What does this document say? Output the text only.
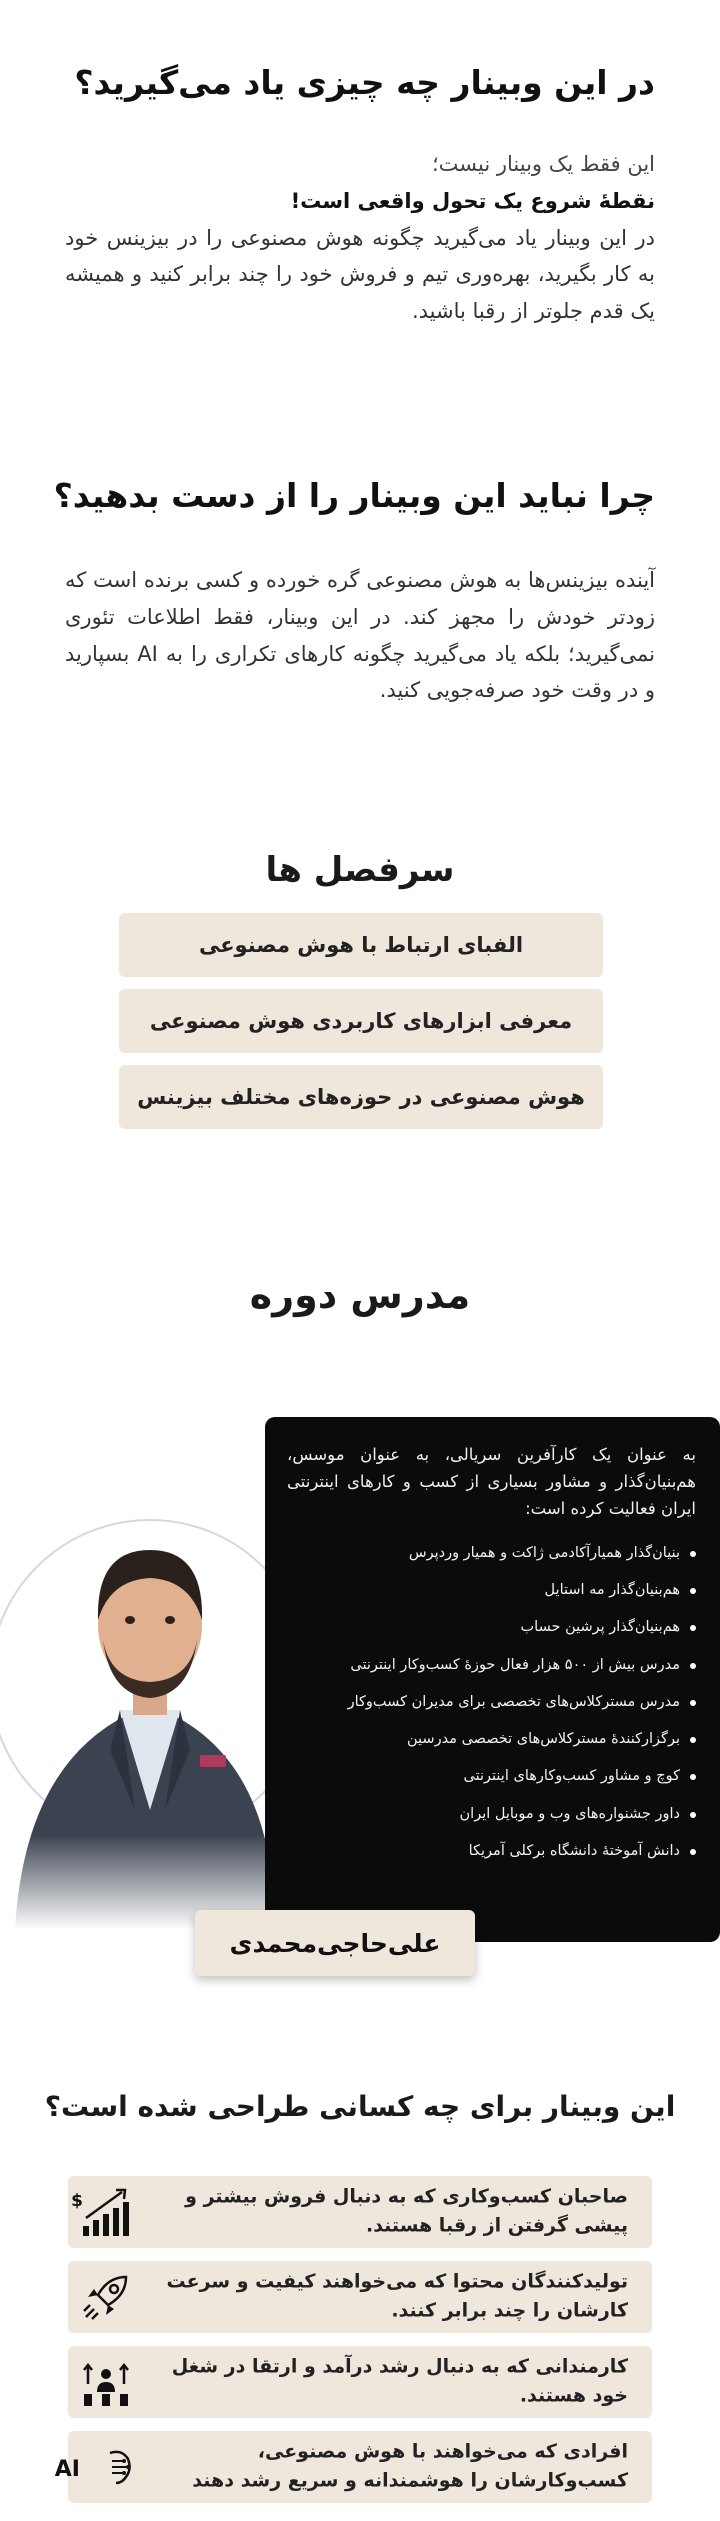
در این وبینار چه چیزی یاد می‌گیرید؟

این فقط یک وبینار نیست؛

نقطهٔ شروع یک تحول واقعی است!

در این وبینار یاد می‌گیرید چگونه هوش مصنوعی را در بیزینس خود به کار بگیرید، بهره‌وری تیم و فروش خود را چند برابر کنید و همیشه یک قدم جلوتر از رقبا باشید.

چرا نباید این وبینار را از دست بدهید؟

آینده بیزینس‌ها به هوش مصنوعی گره خورده و کسی برنده است که زودتر خودش را مجهز کند. در این وبینار، فقط اطلاعات تئوری نمی‌گیرید؛ بلکه یاد می‌گیرید چگونه کارهای تکراری را به AI بسپارید و در وقت خود صرفه‌جویی کنید.

سرفصل ها
الفبای ارتباط با هوش مصنوعی
معرفی ابزارهای کاربردی هوش مصنوعی
هوش مصنوعی در حوزه‌های مختلف بیزینس
مدرس دوره

به عنوان یک کارآفرین سریالی، به عنوان موسس، هم‌بنیان‌گذار و مشاور بسیاری از کسب و کارهای اینترنتی ایران فعالیت کرده است:

بنیان‌گذار همیارآکادمی ژاکت و همیار وردپرس
هم‌بنیان‌گذار مه استایل
هم‌بنیان‌گذار پرشین حساب
مدرس بیش از ۵۰۰ هزار فعال حوزهٔ کسب‌وکار اینترنتی
مدرس مسترکلاس‌های تخصصی برای مدیران کسب‌وکار
برگزارکنندهٔ مسترکلاس‌های تخصصی مدرسین
کوچ و مشاور کسب‌وکارهای اینترنتی
داور جشنواره‌های وب و موبایل ایران
دانش آموختهٔ دانشگاه برکلی آمریکا
علی‌حاجی‌محمدی
این وبینار برای چه کسانی طراحی شده است؟
صاحبان کسب‌وکاری که به دنبال فروش بیشتر و پیشی گرفتن از رقبا هستند.
$
تولیدکنندگان محتوا که می‌خواهند کیفیت و سرعت کارشان را چند برابر کنند.
کارمندانی که به دنبال رشد درآمد و ارتقا در شغل خود هستند.
افرادی که می‌خواهند با هوش مصنوعی، کسب‌وکارشان را هوشمندانه و سریع رشد دهند
AI
